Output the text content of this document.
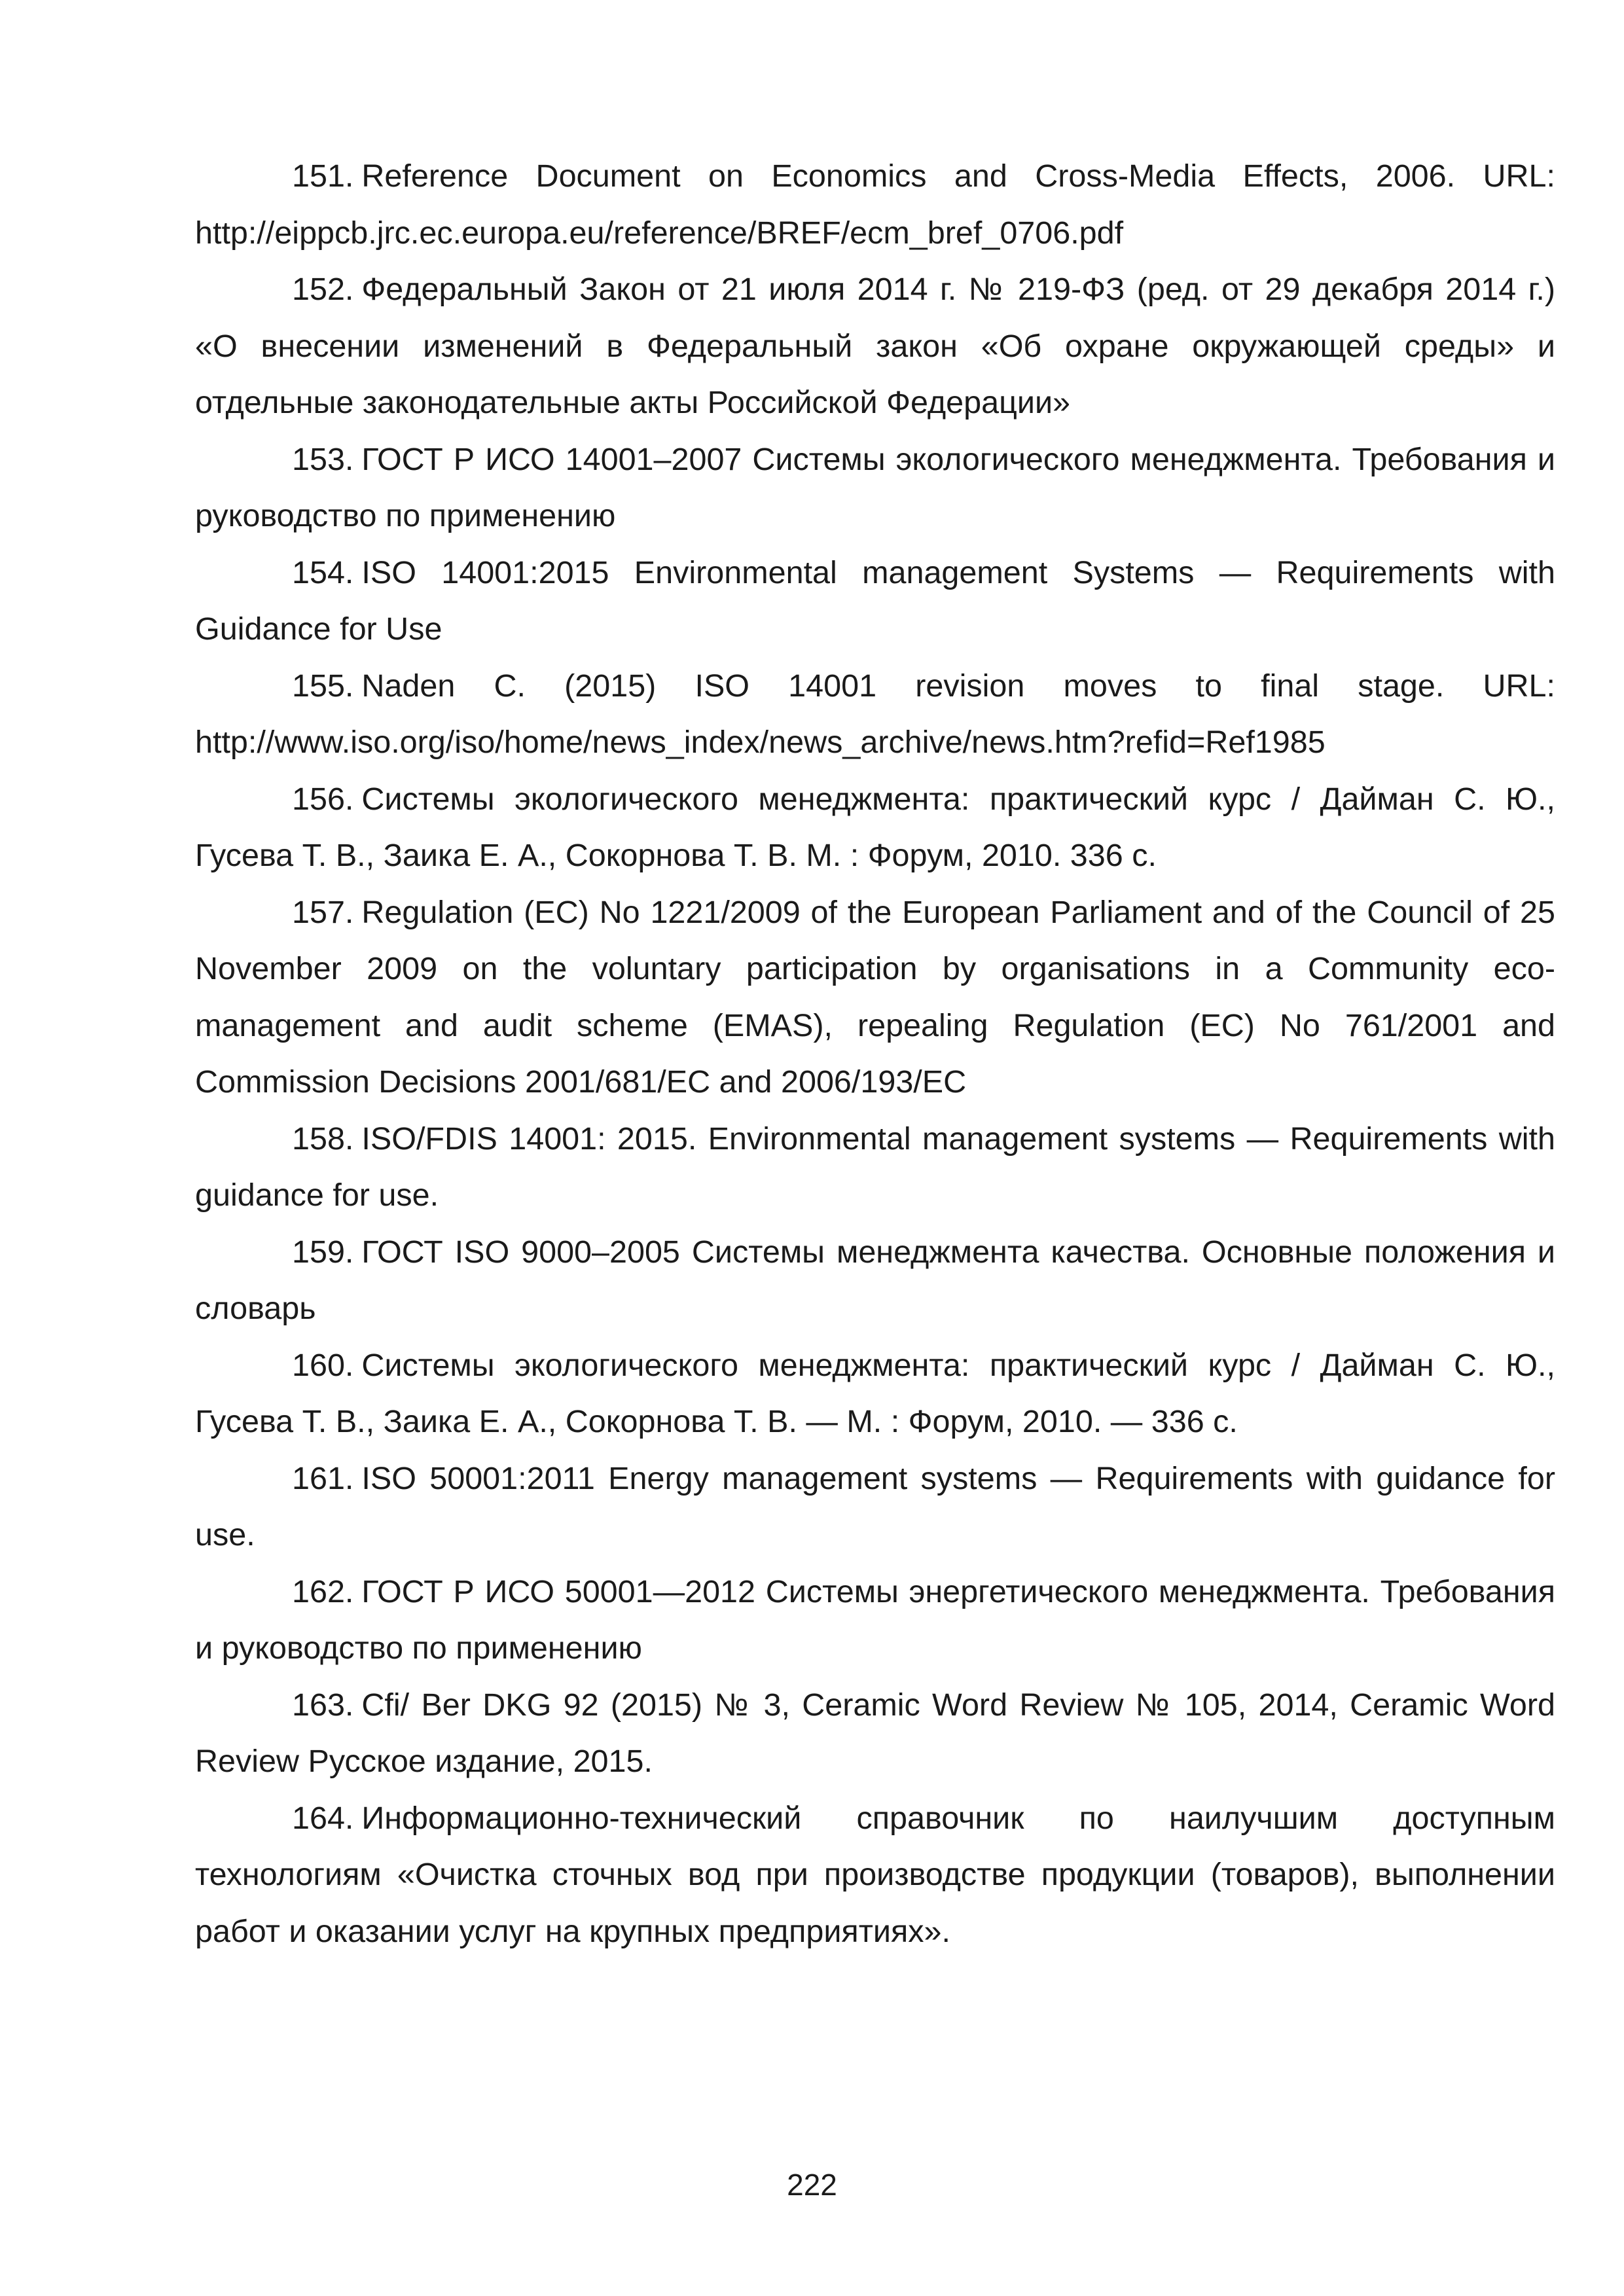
151. Reference Document on Economics and Cross-Media Effects, 2006. URL: http://eippcb.jrc.ec.europa.eu/reference/BREF/ecm_bref_0706.pdf

152. Федеральный Закон от 21 июля 2014 г. № 219-ФЗ (ред. от 29 декабря 2014 г.) «О внесении изменений в Федеральный закон «Об охране окружающей среды» и отдельные законодательные акты Российской Федерации»

153. ГОСТ Р ИСО 14001–2007 Системы экологического менеджмента. Требования и руководство по применению

154. ISO 14001:2015 Environmental management Systems — Requirements with Guidance for Use

155. Naden C. (2015) ISO 14001 revision moves to final stage. URL: http://www.iso.org/iso/home/news_index/news_archive/news.htm?refid=Ref1985

156. Системы экологического менеджмента: практический курс / Дайман С. Ю., Гусева Т. В., Заика Е. А., Сокорнова Т. В. М. : Форум, 2010. 336 с.

157. Regulation (EC) No 1221/2009 of the European Parliament and of the Council of 25 November 2009 on the voluntary participation by organisations in a Community eco-management and audit scheme (EMAS), repealing Regulation (EC) No 761/2001 and Commission Decisions 2001/681/EC and 2006/193/EC

158. ISO/FDIS 14001: 2015. Environmental management systems — Requirements with guidance for use.

159. ГОСТ ISO 9000–2005 Системы менеджмента качества. Основные положения и словарь

160. Системы экологического менеджмента: практический курс / Дайман С. Ю., Гусева Т. В., Заика Е. А., Сокорнова Т. В. — М. : Форум, 2010. — 336 с.

161. ISO 50001:2011 Energy management systems — Requirements with guidance for use.

162. ГОСТ Р ИСО 50001—2012 Системы энергетического менеджмента. Требования и руководство по применению

163. Cfi/ Ber DKG 92 (2015) № 3, Ceramic Word Review № 105, 2014, Ceramic Word Review Русское издание, 2015.

164. Информационно-технический справочник по наилучшим доступным технологиям «Очистка сточных вод при производстве продукции (товаров), выполнении работ и оказании услуг на крупных предприятиях».

222
